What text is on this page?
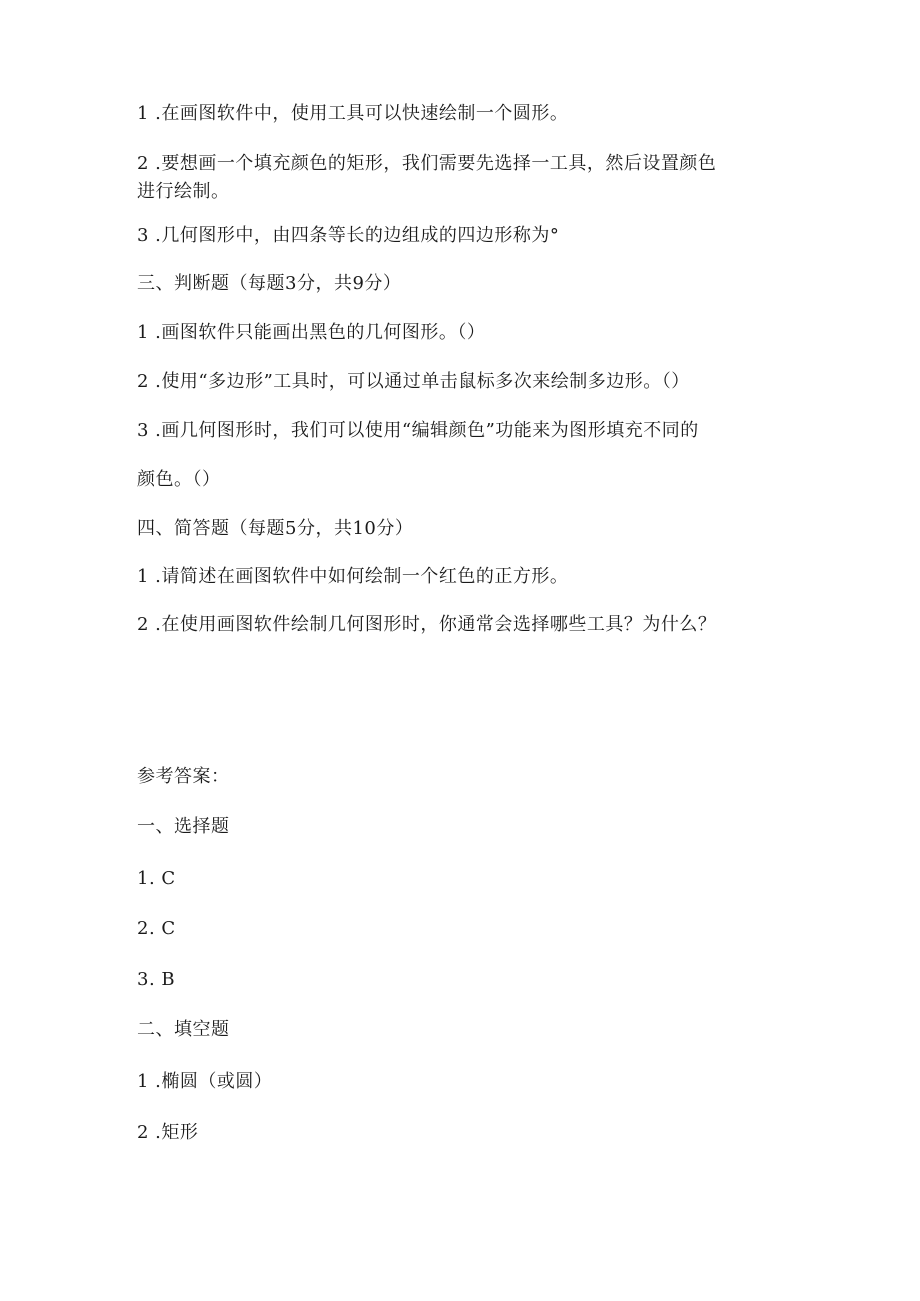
1 .在画图软件中，使用工具可以快速绘制一个圆形。
2 .要想画一个填充颜色的矩形，我们需要先选择一工具，然后设置颜色
进行绘制。
3 .几何图形中，由四条等长的边组成的四边形称为°
三、判断题（每题3分，共9分）
1 .画图软件只能画出黑色的几何图形。（）
2 .使用“多边形”工具时，可以通过单击鼠标多次来绘制多边形。（）
3 .画几何图形时，我们可以使用“编辑颜色”功能来为图形填充不同的
颜色。（）
四、简答题（每题5分，共10分）
1 .请简述在画图软件中如何绘制一个红色的正方形。
2 .在使用画图软件绘制几何图形时，你通常会选择哪些工具？为什么？
参考答案：
一、选择题
1. C
2. C
3. B
二、填空题
1 .椭圆（或圆）
2 .矩形
